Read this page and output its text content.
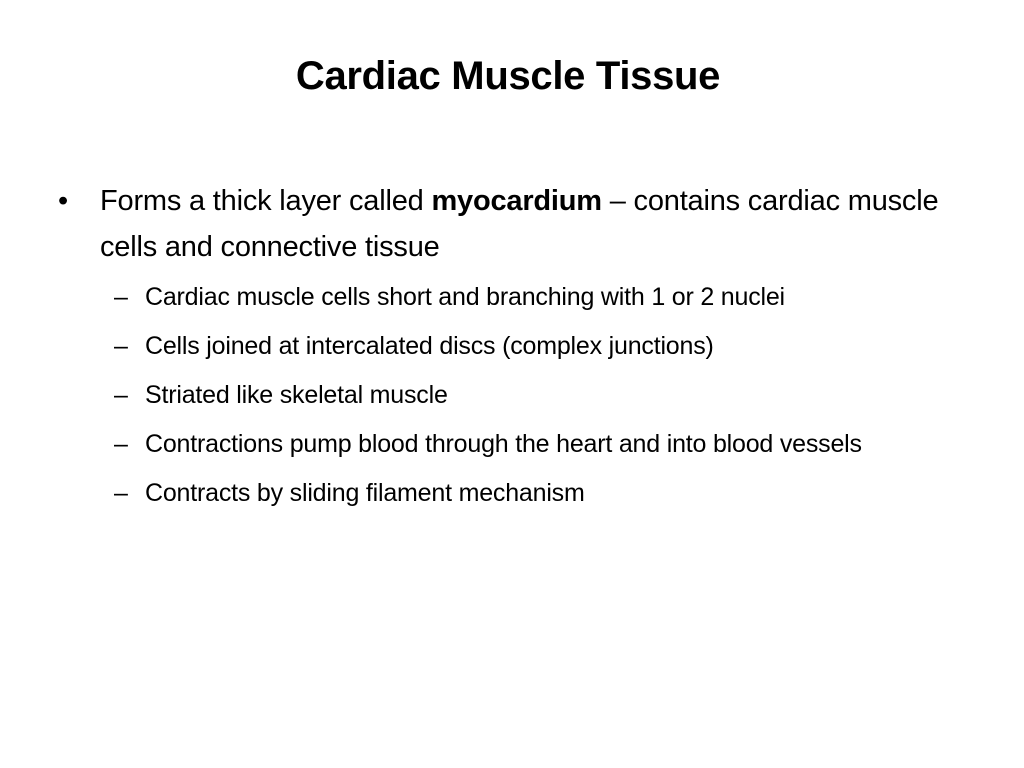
Cardiac Muscle Tissue
•	Forms a thick layer called myocardium – contains cardiac muscle cells and connective tissue
– Cardiac muscle cells short and branching with 1 or 2 nuclei
– Cells joined at intercalated discs (complex junctions)
– Striated like skeletal muscle
– Contractions pump blood through the heart and into blood vessels
– Contracts by sliding filament mechanism
